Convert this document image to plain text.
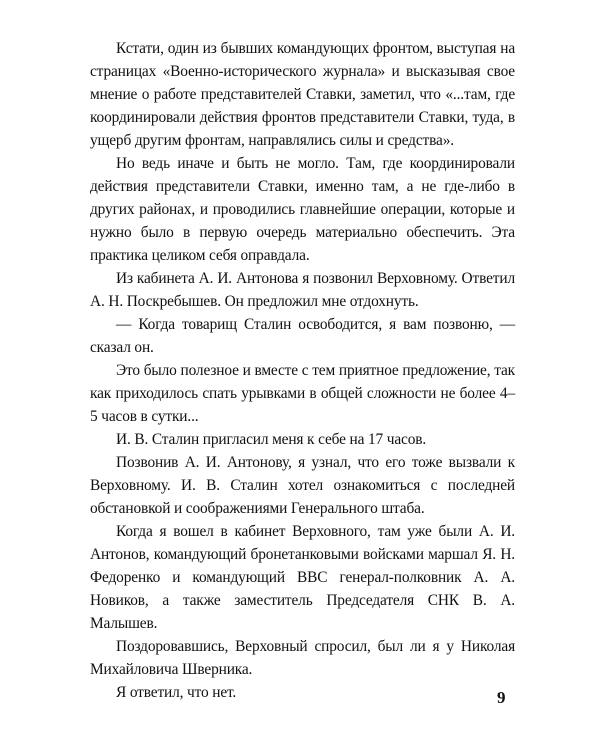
Кстати, один из бывших командующих фронтом, выступая на страницах «Военно-исторического журнала» и высказывая свое мнение о работе представителей Ставки, заметил, что «...там, где координировали действия фронтов представители Ставки, туда, в ущерб другим фронтам, направлялись силы и средства».

Но ведь иначе и быть не могло. Там, где координировали действия представители Ставки, именно там, а не где-либо в других районах, и проводились главнейшие операции, которые и нужно было в первую очередь материально обеспечить. Эта практика целиком себя оправдала.

Из кабинета А. И. Антонова я позвонил Верховному. Ответил А. Н. Поскребышев. Он предложил мне отдохнуть.

— Когда товарищ Сталин освободится, я вам позвоню, — сказал он.

Это было полезное и вместе с тем приятное предложение, так как приходилось спать урывками в общей сложности не более 4–5 часов в сутки...

И. В. Сталин пригласил меня к себе на 17 часов.

Позвонив А. И. Антонову, я узнал, что его тоже вызвали к Верховному. И. В. Сталин хотел ознакомиться с последней обстановкой и соображениями Генерального штаба.

Когда я вошел в кабинет Верховного, там уже были А. И. Антонов, командующий бронетанковыми войсками маршал Я. Н. Федоренко и командующий ВВС генерал-полковник А. А. Новиков, а также заместитель Председателя СНК В. А. Малышев.

Поздоровавшись, Верховный спросил, был ли я у Николая Михайловича Шверника.

Я ответил, что нет.	9
